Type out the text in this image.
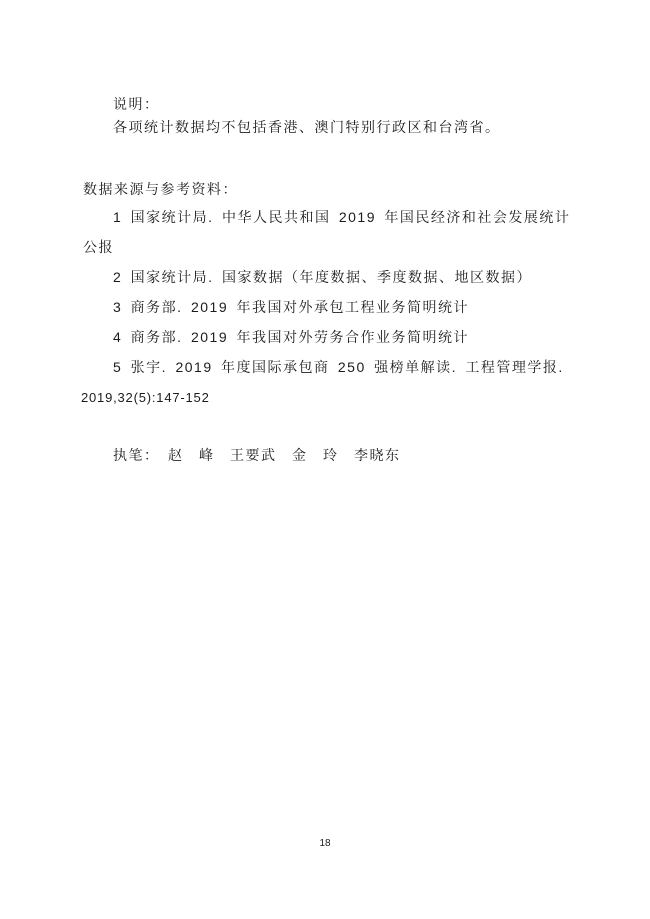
说明：
各项统计数据均不包括香港、澳门特别行政区和台湾省。
数据来源与参考资料：
1 国家统计局. 中华人民共和国 2019 年国民经济和社会发展统计
公报
2 国家统计局. 国家数据（年度数据、季度数据、地区数据）
3 商务部. 2019 年我国对外承包工程业务简明统计
4 商务部. 2019 年我国对外劳务合作业务简明统计
5 张宇. 2019 年度国际承包商 250 强榜单解读. 工程管理学报.
2019,32(5):147-152
执笔：　赵　峰　王要武　金　玲　李晓东
18
